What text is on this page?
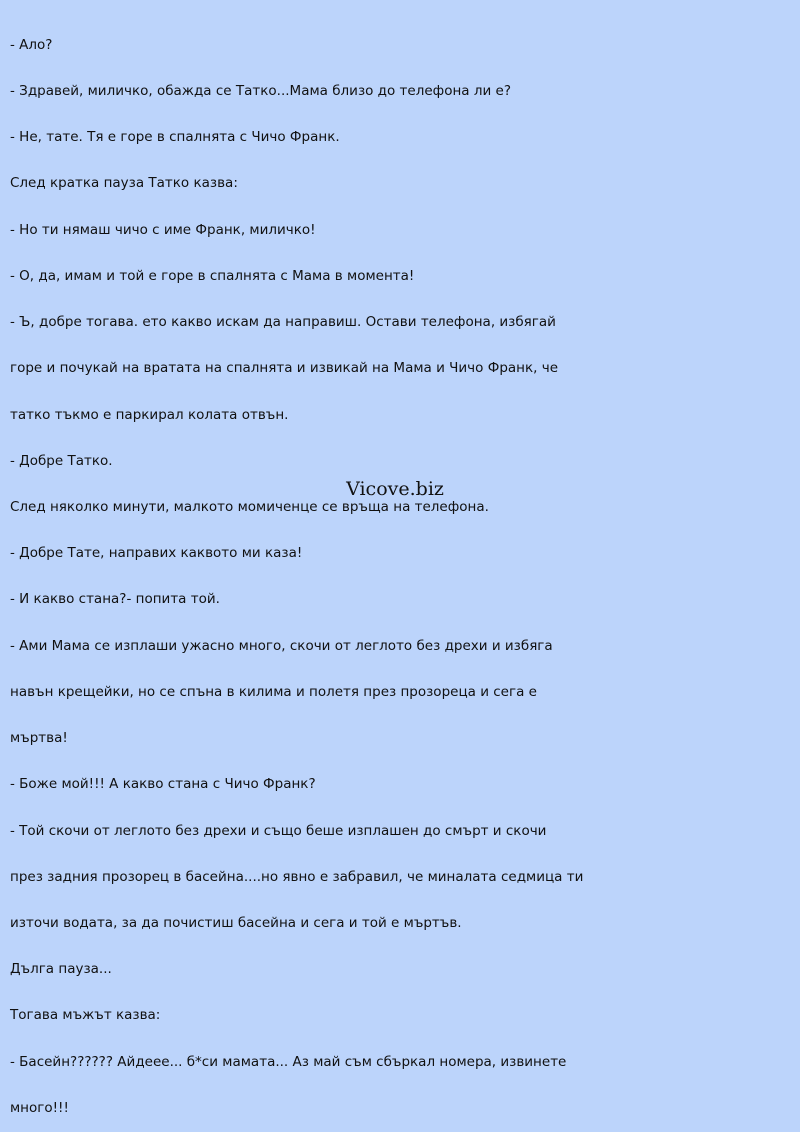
- Ало?

- Здравей, миличко, обажда се Татко...Мама близо до телефона ли е?

- Не, тате. Тя е горе в спалнята с Чичо Франк.

След кратка пауза Татко казва:

- Но ти нямаш чичо с име Франк, миличко!

- О, да, имам и той е горе в спалнята с Мама в момента!

- Ъ, добре тогава. ето какво искам да направиш. Остави телефона, избягай

горе и почукай на вратата на спалнята и извикай на Мама и Чичо Франк, че

татко тъкмо е паркирал колата отвън.

- Добре Татко.

След няколко минути, малкото момиченце се връща на телефона.

- Добре Тате, направих каквото ми каза!

- И какво стана?- попита той.

- Ами Мама се изплаши ужасно много, скочи от леглото без дрехи и избяга

навън крещейки, но се спъна в килима и полетя през прозореца и сега е

мъртва!

- Боже мой!!! А какво стана с Чичо Франк?

- Той скочи от леглото без дрехи и също беше изплашен до смърт и скочи

през задния прозорец в басейна....но явно е забравил, че миналата седмица ти

източи водата, за да почистиш басейна и сега и той е мъртъв.

Дълга пауза...

Тогава мъжът казва:

- Басейн?????? Айдеее... б*си мамата... Аз май съм сбъркал номера, извинете

много!!!

Vicove.biz
